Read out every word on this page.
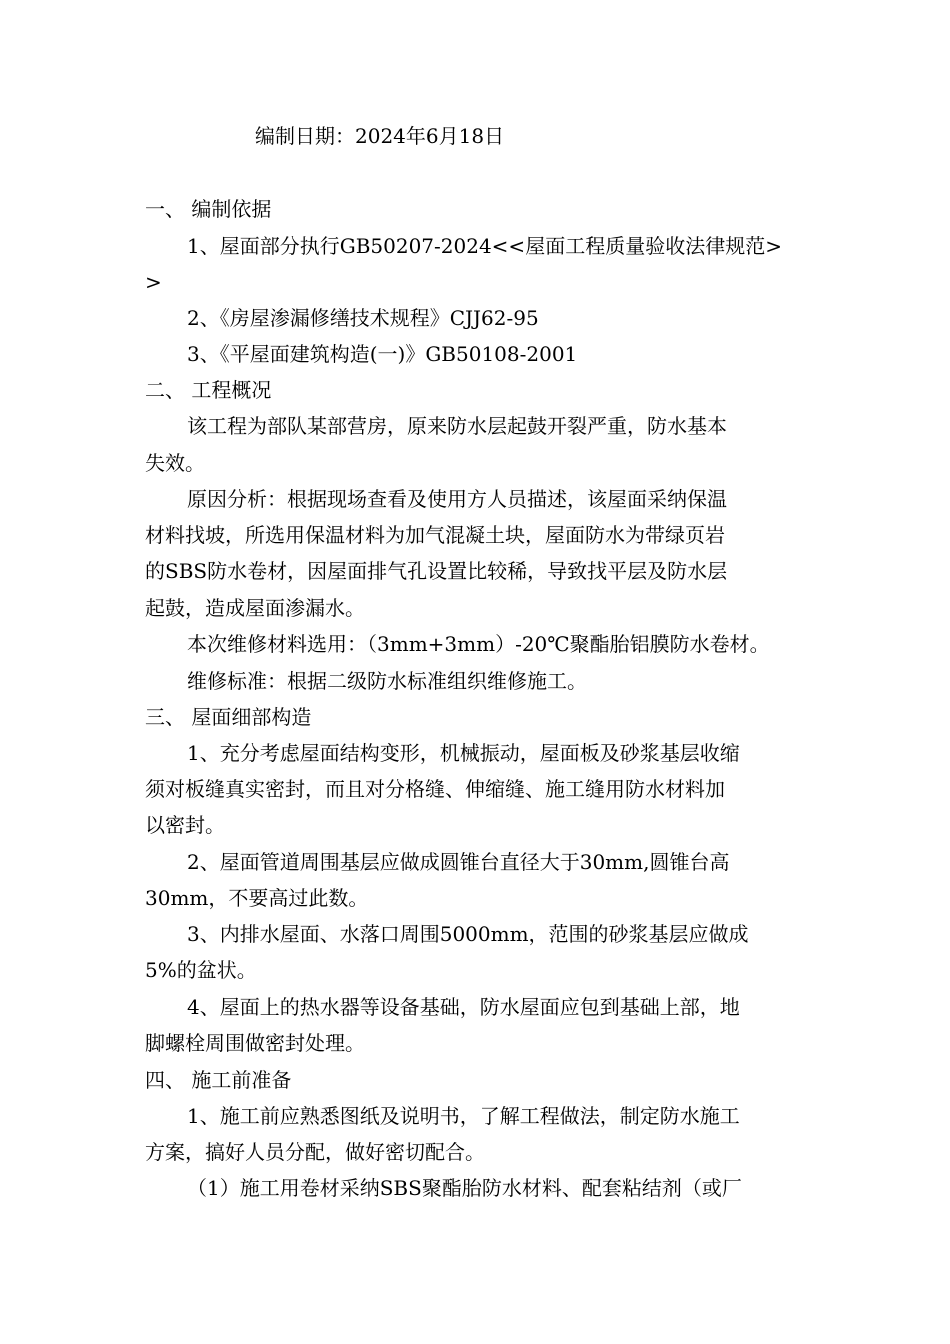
编制日期：2024年6月18日
一、 编制依据
1、屋面部分执行GB50207-2024<<屋面工程质量验收法律规范>
>
2、《房屋渗漏修缮技术规程》CJJ62-95
3、《平屋面建筑构造(一)》GB50108-2001
二、 工程概况
该工程为部队某部营房，原来防水层起鼓开裂严重，防水基本
失效。
原因分析：根据现场查看及使用方人员描述，该屋面采纳保温
材料找坡，所选用保温材料为加气混凝土块，屋面防水为带绿页岩
的SBS防水卷材，因屋面排气孔设置比较稀，导致找平层及防水层
起鼓，造成屋面渗漏水。
本次维修材料选用：（3mm+3mm）-20℃聚酯胎铝膜防水卷材。
维修标准：根据二级防水标准组织维修施工。
三、 屋面细部构造
1、充分考虑屋面结构变形，机械振动，屋面板及砂浆基层收缩
须对板缝真实密封，而且对分格缝、伸缩缝、施工缝用防水材料加
以密封。
2、屋面管道周围基层应做成圆锥台直径大于30mm,圆锥台高
30mm，不要高过此数。
3、内排水屋面、水落口周围5000mm，范围的砂浆基层应做成
5%的盆状。
4、屋面上的热水器等设备基础，防水屋面应包到基础上部，地
脚螺栓周围做密封处理。
四、 施工前准备
1、施工前应熟悉图纸及说明书，了解工程做法，制定防水施工
方案，搞好人员分配，做好密切配合。
（1）施工用卷材采纳SBS聚酯胎防水材料、配套粘结剂（或厂
